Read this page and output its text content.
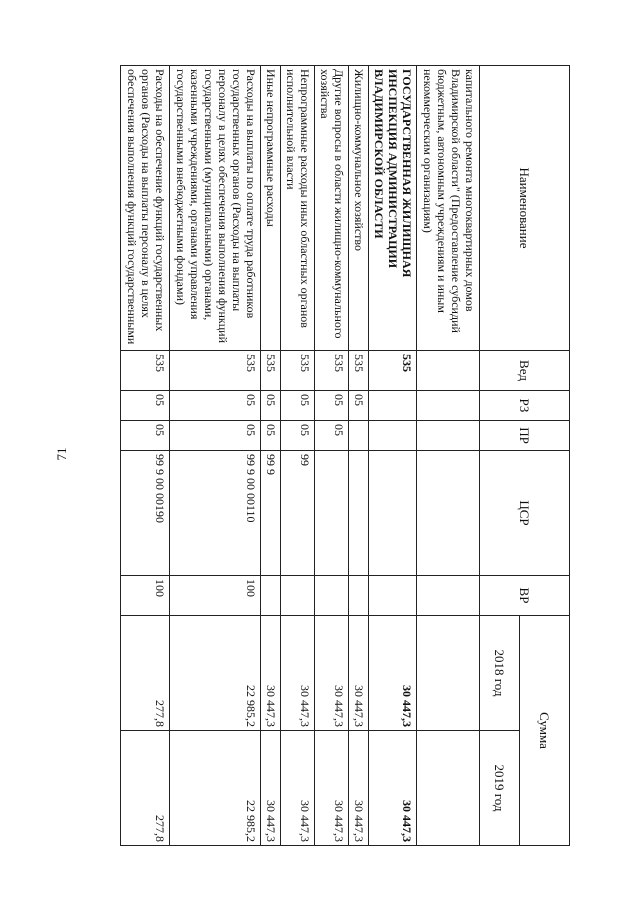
71
Наименование	Вед	РЗ	ПР	ЦСР	ВР	Сумма	
						2018 год	2019 год
капитального ремонта многоквартирных домов Владимирской области" (Предоставление субсидий бюджетным, автономным учреждениям и иным некоммерческим организациям)							
ГОСУДАРСТВЕННАЯ ЖИЛИЩНАЯ ИНСПЕКЦИЯ АДМИНИСТРАЦИИ ВЛАДИМИРСКОЙ ОБЛАСТИ	535					30 447,3	30 447,3
Жилищно-коммунальное хозяйство	535	05				30 447,3	30 447,3
Другие вопросы в области жилищно-коммунального хозяйства	535	05	05			30 447,3	30 447,3
Непрограммные расходы иных областных органов исполнительной власти	535	05	05	99		30 447,3	30 447,3
Иные непрограммные расходы	535	05	05	99 9		30 447,3	30 447,3
Расходы на выплаты по оплате труда работников государственных органов (Расходы на выплаты персоналу в целях обеспечения выполнения функций государственными (муниципальными) органами, казенными учреждениями, органами управления государственными внебюджетными фондами)	535	05	05	99 9 00 00110	100	22 985,2	22 985,2
Расходы на обеспечение функций государственных органов (Расходы на выплаты персоналу в целях обеспечения выполнения функций государственными	535	05	05	99 9 00 00190	100	277,8	277,8
